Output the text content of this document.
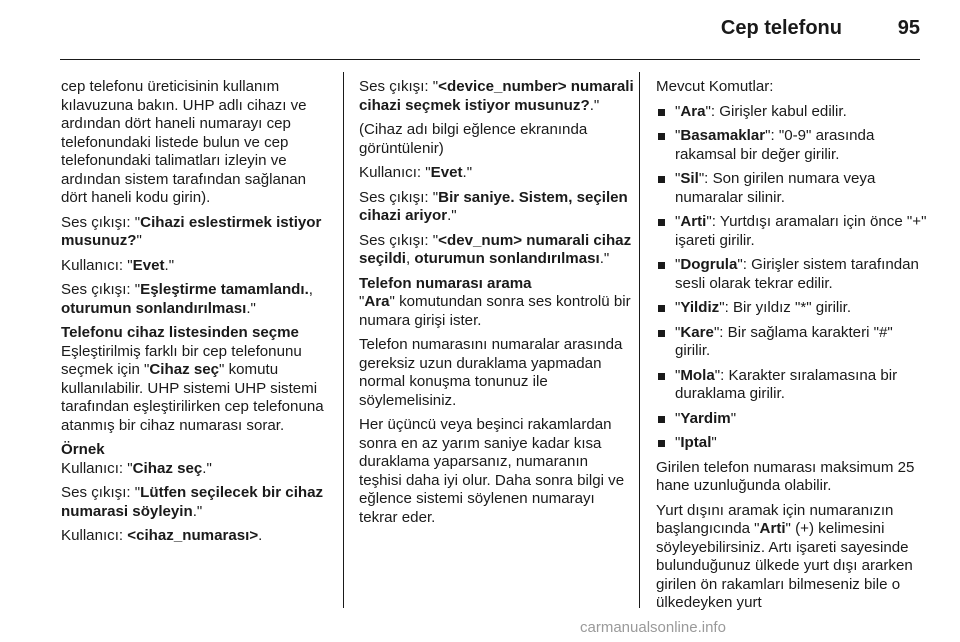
Cep telefonu	95

cep telefonu üreticisinin kullanım kılavuzuna bakın. UHP adlı cihazı ve ardından dört haneli numarayı cep telefonundaki listede bulun ve cep telefonundaki talimatları izleyin ve ardından sistem tarafından sağlanan dört haneli kodu girin).

Ses çıkışı: "Cihazi eslestirmek istiyor musunuz?"

Kullanıcı: "Evet."

Ses çıkışı: "Eşleştirme tamamlandı., oturumun sonlandırılması."

Telefonu cihaz listesinden seçme

Eşleştirilmiş farklı bir cep telefonunu seçmek için "Cihaz seç" komutu kullanılabilir. UHP sistemi UHP sistemi tarafından eşleştirilirken cep telefonuna atanmış bir cihaz numarası sorar.

Örnek

Kullanıcı: "Cihaz seç."

Ses çıkışı: "Lütfen seçilecek bir cihaz numarasi söyleyin."

Kullanıcı: <cihaz_numarası>.

Ses çıkışı: "<device_number> numarali cihazi seçmek istiyor musunuz?."

(Cihaz adı bilgi eğlence ekranında görüntülenir)

Kullanıcı: "Evet."

Ses çıkışı: "Bir saniye. Sistem, seçilen cihazi ariyor."

Ses çıkışı: "<dev_num> numarali cihaz seçildi, oturumun sonlandırılması."

Telefon numarası arama

"Ara" komutundan sonra ses kontrolü bir numara girişi ister.

Telefon numarasını numaralar arasında gereksiz uzun duraklama yapmadan normal konuşma tonunuz ile söylemelisiniz.

Her üçüncü veya beşinci rakamlardan sonra en az yarım saniye kadar kısa duraklama yaparsanız, numaranın teşhisi daha iyi olur. Daha sonra bilgi ve eğlence sistemi söylenen numarayı tekrar eder.

Mevcut Komutlar:

"Ara": Girişler kabul edilir.
"Basamaklar": "0-9" arasında rakamsal bir değer girilir.
"Sil": Son girilen numara veya numaralar silinir.
"Arti": Yurtdışı aramaları için önce "+" işareti girilir.
"Dogrula": Girişler sistem tarafından sesli olarak tekrar edilir.
"Yildiz": Bir yıldız "*" girilir.
"Kare": Bir sağlama karakteri "#" girilir.
"Mola": Karakter sıralamasına bir duraklama girilir.
"Yardim"
"Iptal"

Girilen telefon numarası maksimum 25 hane uzunluğunda olabilir.

Yurt dışını aramak için numaranızın başlangıcında "Arti" (+) kelimesini söyleyebilirsiniz. Artı işareti sayesinde bulunduğunuz ülkede yurt dışı ararken girilen ön rakamları bilmeseniz bile o ülkedeyken yurt

carmanualsonline.info
